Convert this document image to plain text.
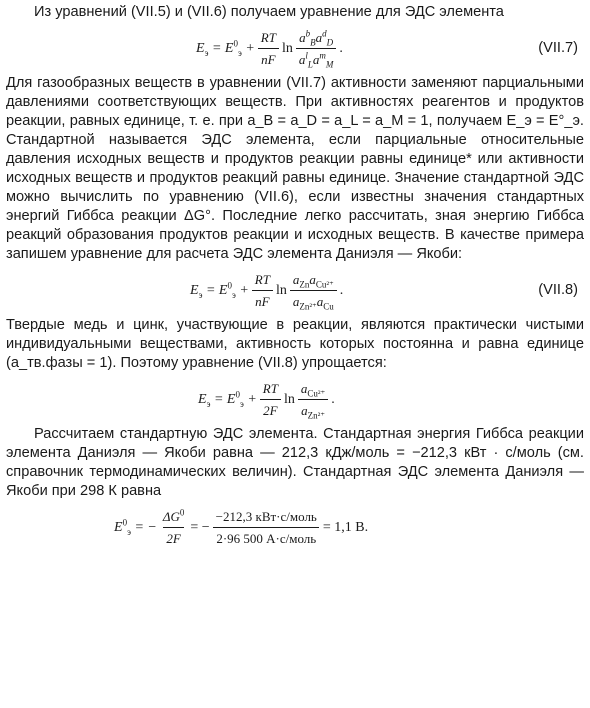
Из уравнений (VII.5) и (VII.6) получаем уравнение для ЭДС элемента

$E_э = E^0_э + \frac{RT}{nF}$ $\ln \frac{a^b_Ba^d_D}{a^l_La^m_M}$ .	(VII.7)

Для газообразных веществ в уравнении (VII.7) активности заменяют парциальными давлениями соответствующих веществ. При активностях реагентов и продуктов реакции, равных единице, т. е. при a_B = a_D = a_L = a_M = 1, получаем E_э = E°_э. Стандартной называется ЭДС элемента, если парциальные относительные давления исходных веществ и продуктов реакции равны единице* или активности исходных веществ и продуктов реакций равны единице. Значение стандартной ЭДС можно вычислить по уравнению (VII.6), если известны значения стандартных энергий Гиббса реакции ΔG°. Последние легко рассчитать, зная энергию Гиббса реакций образования продуктов реакции и исходных веществ. В качестве примера запишем уравнение для расчета ЭДС элемента Даниэля — Якоби:

$E_э = E^0_э + \frac{RT}{nF}$ $\ln \frac{a_{Zn}a_{Cu^{2+}}}{a_{Zn^{2+}}a_{Cu}}$ .	(VII.8)

Твердые медь и цинк, участвующие в реакции, являются практически чистыми индивидуальными веществами, активность которых постоянна и равна единице (a_тв.фазы = 1). Поэтому уравнение (VII.8) упрощается:

$E_э = E^0_э + \frac{RT}{2F}$ $\ln \frac{a_{Cu^{2+}}}{a_{Zn^{2+}}}$ .

Рассчитаем стандартную ЭДС элемента. Стандартная энергия Гиббса реакции элемента Даниэля — Якоби равна — 212,3 кДж/моль = −212,3 кВт · с/моль (см. справочник термодинамических величин). Стандартная ЭДС элемента Даниэля — Якоби при 298 К равна

$E^0_э$ = − $\frac{\Delta G^0}{2F}$ = − $\frac{\text{−212,3 кВт·с/моль}}{\text{2·96 500 А·с/моль}} = 1,1$ В.
